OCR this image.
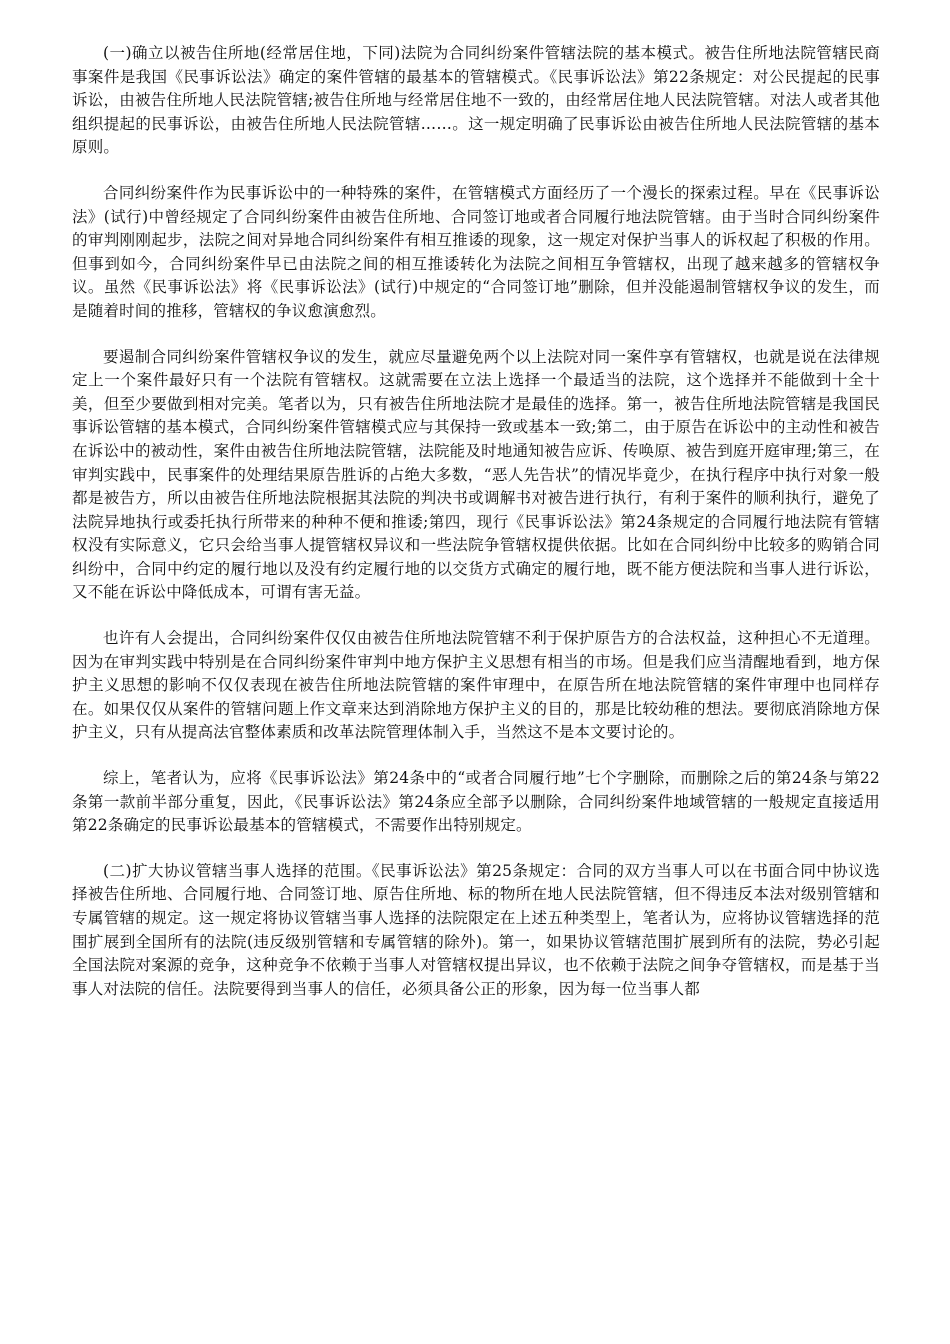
(一)确立以被告住所地(经常居住地，下同)法院为合同纠纷案件管辖法院的基本模式。被告住所地法院管辖民商事案件是我国《民事诉讼法》确定的案件管辖的最基本的管辖模式。《民事诉讼法》第22条规定：对公民提起的民事诉讼，由被告住所地人民法院管辖;被告住所地与经常居住地不一致的，由经常居住地人民法院管辖。对法人或者其他组织提起的民事诉讼，由被告住所地人民法院管辖……。这一规定明确了民事诉讼由被告住所地人民法院管辖的基本原则。

合同纠纷案件作为民事诉讼中的一种特殊的案件，在管辖模式方面经历了一个漫长的探索过程。早在《民事诉讼法》(试行)中曾经规定了合同纠纷案件由被告住所地、合同签订地或者合同履行地法院管辖。由于当时合同纠纷案件的审判刚刚起步，法院之间对异地合同纠纷案件有相互推诿的现象，这一规定对保护当事人的诉权起了积极的作用。但事到如今，合同纠纷案件早已由法院之间的相互推诿转化为法院之间相互争管辖权，出现了越来越多的管辖权争议。虽然《民事诉讼法》将《民事诉讼法》(试行)中规定的“合同签订地”删除，但并没能遏制管辖权争议的发生，而是随着时间的推移，管辖权的争议愈演愈烈。

要遏制合同纠纷案件管辖权争议的发生，就应尽量避免两个以上法院对同一案件享有管辖权，也就是说在法律规定上一个案件最好只有一个法院有管辖权。这就需要在立法上选择一个最适当的法院，这个选择并不能做到十全十美，但至少要做到相对完美。笔者以为，只有被告住所地法院才是最佳的选择。第一，被告住所地法院管辖是我国民事诉讼管辖的基本模式，合同纠纷案件管辖模式应与其保持一致或基本一致;第二，由于原告在诉讼中的主动性和被告在诉讼中的被动性，案件由被告住所地法院管辖，法院能及时地通知被告应诉、传唤原、被告到庭开庭审理;第三，在审判实践中，民事案件的处理结果原告胜诉的占绝大多数，“恶人先告状”的情况毕竟少，在执行程序中执行对象一般都是被告方，所以由被告住所地法院根据其法院的判决书或调解书对被告进行执行，有利于案件的顺利执行，避免了法院异地执行或委托执行所带来的种种不便和推诿;第四，现行《民事诉讼法》第24条规定的合同履行地法院有管辖权没有实际意义，它只会给当事人提管辖权异议和一些法院争管辖权提供依据。比如在合同纠纷中比较多的购销合同纠纷中，合同中约定的履行地以及没有约定履行地的以交货方式确定的履行地，既不能方便法院和当事人进行诉讼，又不能在诉讼中降低成本，可谓有害无益。

也许有人会提出，合同纠纷案件仅仅由被告住所地法院管辖不利于保护原告方的合法权益，这种担心不无道理。因为在审判实践中特别是在合同纠纷案件审判中地方保护主义思想有相当的市场。但是我们应当清醒地看到，地方保护主义思想的影响不仅仅表现在被告住所地法院管辖的案件审理中，在原告所在地法院管辖的案件审理中也同样存在。如果仅仅从案件的管辖问题上作文章来达到消除地方保护主义的目的，那是比较幼稚的想法。要彻底消除地方保护主义，只有从提高法官整体素质和改革法院管理体制入手，当然这不是本文要讨论的。

综上，笔者认为，应将《民事诉讼法》第24条中的“或者合同履行地”七个字删除，而删除之后的第24条与第22条第一款前半部分重复，因此，《民事诉讼法》第24条应全部予以删除，合同纠纷案件地域管辖的一般规定直接适用第22条确定的民事诉讼最基本的管辖模式，不需要作出特别规定。

(二)扩大协议管辖当事人选择的范围。《民事诉讼法》第25条规定：合同的双方当事人可以在书面合同中协议选择被告住所地、合同履行地、合同签订地、原告住所地、标的物所在地人民法院管辖，但不得违反本法对级别管辖和专属管辖的规定。这一规定将协议管辖当事人选择的法院限定在上述五种类型上，笔者认为，应将协议管辖选择的范围扩展到全国所有的法院(违反级别管辖和专属管辖的除外)。第一，如果协议管辖范围扩展到所有的法院，势必引起全国法院对案源的竞争，这种竞争不依赖于当事人对管辖权提出异议，也不依赖于法院之间争夺管辖权，而是基于当事人对法院的信任。法院要得到当事人的信任，必须具备公正的形象，因为每一位当事人都
